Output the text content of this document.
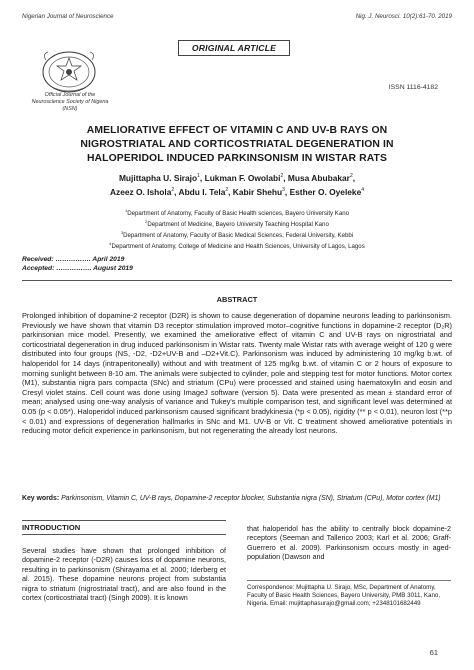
Nigerian Journal of Neuroscience	Nig. J. Neurosci. 10(2):61-70. 2019
ORIGINAL ARTICLE
Official Journal of the
Neuroscience Society of Nigeria
(NSN)
ISSN 1116-4182
AMELIORATIVE EFFECT OF VITAMIN C AND UV-B RAYS ON
NIGROSTRIATAL AND CORTICOSTRIATAL DEGENERATION IN
HALOPERIDOL INDUCED PARKINSONISM IN WISTAR RATS
Mujittapha U. Sirajo$^1$, Lukman F. Owolabi$^2$, Musa Abubakar$^2$,
Azeez O. Ishola$^2$, Abdu I. Tela$^2$, Kabir Shehu$^3$, Esther O. Oyeleke$^4$
$^1$Department of Anatomy, Faculty of Basic Health sciences, Bayero University Kano
$^2$Department of Medicine, Bayero University Teaching Hospital Kano
$^3$Department of Anatomy, Faculty of Basic Medical Sciences, Federal University, Kebbi
$^4$Department of Anatomy, College of Medicine and Health Sciences, University of Lagos, Lagos
Received: ……………. April 2019
Accepted: ……………. August 2019
ABSTRACT
Prolonged inhibition of dopamine-2 receptor (D2R) is shown to cause degeneration of dopamine neurons leading to parkinsonism. Previously we have shown that vitamin D3 receptor stimulation improved motor–cognitive functions in dopamine-2 receptor (D₂R) parkinsonian mice model. Presently, we examined the ameliorative effect of vitamin C and UV-B rays on nigrostriatal and corticostriatal degeneration in drug induced parkinsonism in Wistar rats. Twenty male Wistar rats with average weight of 120 g were distributed into four groups (NS, -D2, -D2+UV-B and –D2+Vit.C). Parkinsonism was induced by administering 10 mg/kg b.wt. of haloperidol for 14 days (intraperitoneally) without and with treatment of 125 mg/kg b.wt. of vitamin C or 2 hours of exposure to morning sunlight between 8-10 am. The animals were subjected to cylinder, pole and stepping test for motor functions. Motor cortex (M1), substantia nigra pars compacta (SNc) and striatum (CPu) were processed and stained using haematoxylin and eosin and Cresyl violet stains. Cell count was done using ImageJ software (version 5). Data were presented as mean ± standard error of mean; analysed using one-way analysis of variance and Tukey's multiple comparison test, and significant level was determined at 0.05 (p < 0.05*). Haloperidol induced parkinsonism caused significant bradykinesia (*p < 0.05), rigidity (** p < 0.01), neuron lost (**p < 0.01) and expressions of degeneration hallmarks in SNc and M1. UV-B or Vit. C treatment showed ameliorative potentials in reducing motor deficit experience in parkinsonism, but not regenerating the already lost neurons.
Key words: Parkinsonism, Vitamin C, UV-B rays, Dopamine-2 receptor blocker, Substantia nigra (SN), Striatum (CPu), Motor cortex (M1)
INTRODUCTION
Several studies have shown that prolonged inhibition of dopamine-2 receptor (-D2R) causes loss of dopamine neurons, resulting in to parkinsonism (Shirayama et al. 2000; Iderberg et al. 2015). These dopamine neurons project from substantia nigra to striatum (nigrostriatal tract), and are also found in the cortex (corticostriatal tract) (Singh 2009). It is known
that haloperidol has the ability to centrally block dopamine-2 receptors (Seeman and Tallerico 2003; Karl et al. 2006; Graff-Guerrero et al. 2009). Parkinsonism occurs mostly in aged-population (Dawson and
Correspondence: Mujittapha U. Sirajo, MSc, Department of Anatomy, Faculty of Basic Health Sciences, Bayero University, PMB 3011, Kano, Nigeria. Email: mujittaphasurajo@gmail.com; +2348101682449
61
